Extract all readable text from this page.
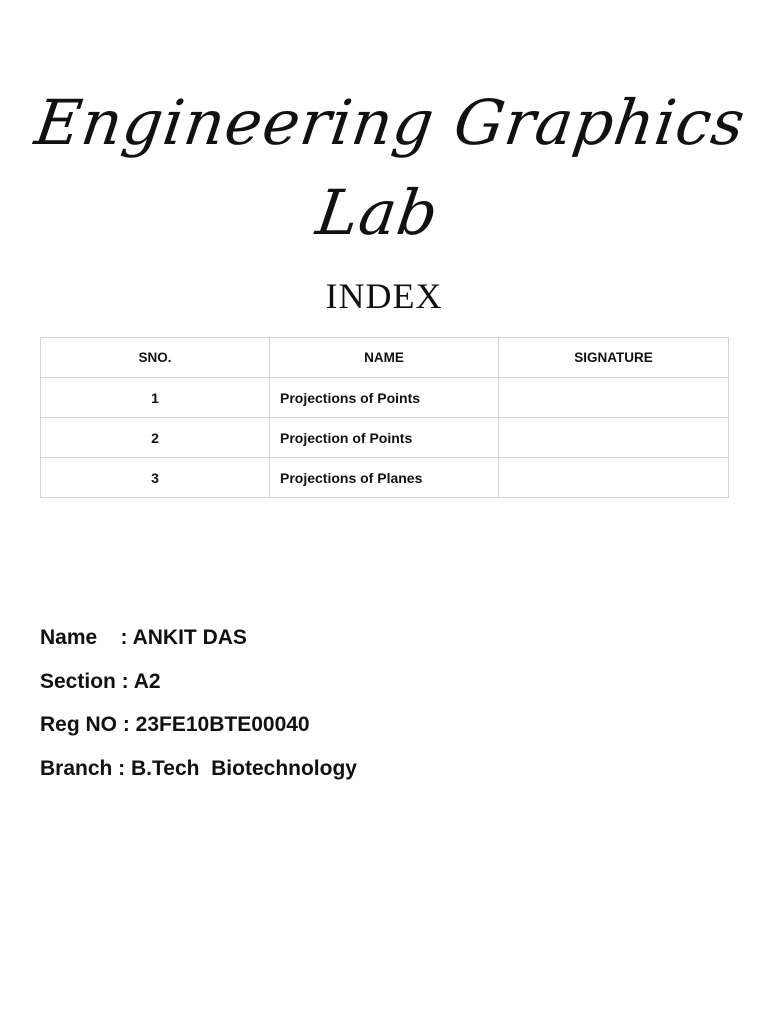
Engineering Graphics Lab
INDEX
SNO.	NAME	SIGNATURE
1	Projections of Points	
2	Projection of Points	
3	Projections of Planes	
Name    : ANKIT DAS
Section : A2
Reg NO : 23FE10BTE00040
Branch : B.Tech  Biotechnology
